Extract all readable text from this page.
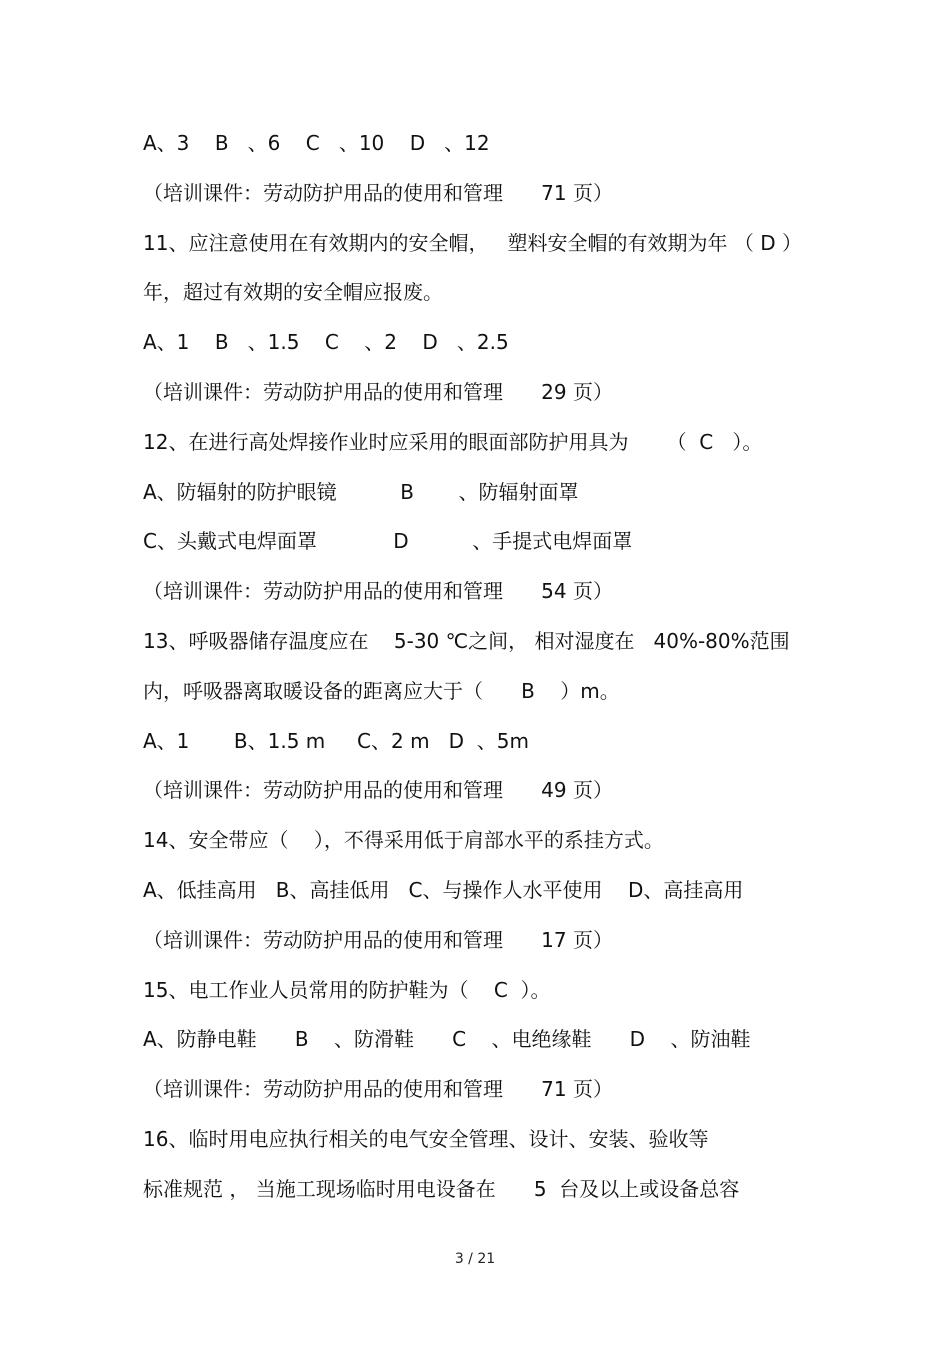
A、3    B   、6    C   、10    D   、12
（培训课件：劳动防护用品的使用和管理      71 页）
11、应注意使用在有效期内的安全帽，   塑料安全帽的有效期为年 （ D ）
年，超过有效期的安全帽应报废。
A、1    B   、1.5    C    、2    D   、2.5
（培训课件：劳动防护用品的使用和管理      29 页）
12、在进行高处焊接作业时应采用的眼面部防护用具为      （  C   ）。
A、防辐射的防护眼镜          B       、防辐射面罩
C、头戴式电焊面罩            D          、手提式电焊面罩
（培训课件：劳动防护用品的使用和管理      54 页）
13、呼吸器储存温度应在    5-30 ℃之间， 相对湿度在   40%-80%范围
内，呼吸器离取暖设备的距离应大于（      B    ）m。
A、1       B、1.5 m     C、2 m   D  、5m
（培训课件：劳动防护用品的使用和管理      49 页）
14、安全带应（    ），不得采用低于肩部水平的系挂方式。
A、低挂高用   B、高挂低用   C、与操作人水平使用    D、高挂高用
（培训课件：劳动防护用品的使用和管理      17 页）
15、电工作业人员常用的防护鞋为（    C  ）。
A、防静电鞋      B    、防滑鞋      C    、电绝缘鞋      D    、防油鞋
（培训课件：劳动防护用品的使用和管理      71 页）
16、临时用电应执行相关的电气安全管理、设计、安装、验收等
标准规范 ， 当施工现场临时用电设备在      5  台及以上或设备总容
3 / 21
